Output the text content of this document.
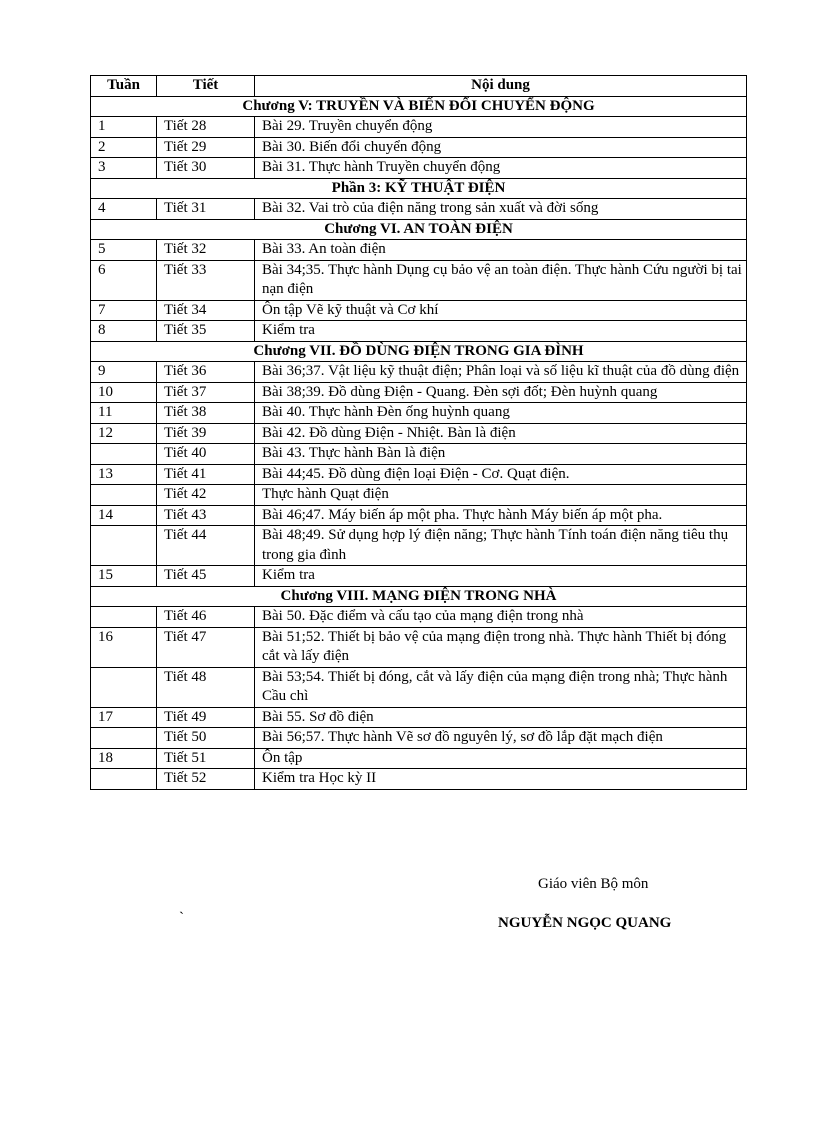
Tuần	Tiết	Nội dung
Chương V: TRUYỀN VÀ BIẾN ĐỔI CHUYỂN ĐỘNG		
1	Tiết 28	Bài 29. Truyền chuyển động
2	Tiết 29	Bài 30. Biến đổi chuyển động
3	Tiết 30	Bài 31. Thực hành Truyền chuyển động
Phần 3: KỸ THUẬT ĐIỆN		
4	Tiết 31	Bài 32. Vai trò của điện năng trong sản xuất và đời sống
Chương VI. AN TOÀN ĐIỆN		
5	Tiết 32	Bài 33. An toàn điện
6	Tiết 33	Bài 34;35. Thực hành Dụng cụ bảo vệ an toàn điện. Thực hành Cứu người bị tai nạn điện
7	Tiết 34	Ôn tập Vẽ kỹ thuật và Cơ khí
8	Tiết 35	Kiểm tra
Chương VII. ĐỒ DÙNG ĐIỆN TRONG GIA ĐÌNH		
9	Tiết 36	Bài 36;37. Vật liệu kỹ thuật điện; Phân loại và số liệu kĩ thuật của đồ dùng điện
10	Tiết 37	Bài 38;39. Đồ dùng Điện - Quang. Đèn sợi đốt; Đèn huỳnh quang
11	Tiết 38	Bài 40. Thực hành Đèn ống huỳnh quang
12	Tiết 39	Bài 42. Đồ dùng Điện - Nhiệt. Bàn là điện
	Tiết 40	Bài 43. Thực hành Bàn là điện
13	Tiết 41	Bài 44;45. Đồ dùng điện loại Điện - Cơ. Quạt điện.
	Tiết 42	Thực hành Quạt điện
14	Tiết 43	Bài 46;47. Máy biến áp một pha. Thực hành Máy biến áp một pha.
	Tiết 44	Bài 48;49. Sử dụng hợp lý điện năng; Thực hành Tính toán điện năng tiêu thụ trong gia đình
15	Tiết 45	Kiểm tra
Chương VIII. MẠNG ĐIỆN TRONG NHÀ		
	Tiết 46	Bài 50. Đặc điểm và cấu tạo của mạng điện trong nhà
16	Tiết 47	Bài 51;52. Thiết bị bảo vệ của mạng điện trong nhà. Thực hành Thiết bị đóng cắt và lấy điện
	Tiết 48	Bài 53;54. Thiết bị đóng, cắt và lấy điện của mạng điện trong nhà; Thực hành Cầu chì
17	Tiết 49	Bài 55. Sơ đồ điện
	Tiết 50	Bài 56;57. Thực hành Vẽ sơ đồ nguyên lý, sơ đồ lắp đặt mạch điện
18	Tiết 51	Ôn tập
	Tiết 52	Kiểm tra Học kỳ II
Giáo viên Bộ môn
`	NGUYỄN NGỌC QUANG
